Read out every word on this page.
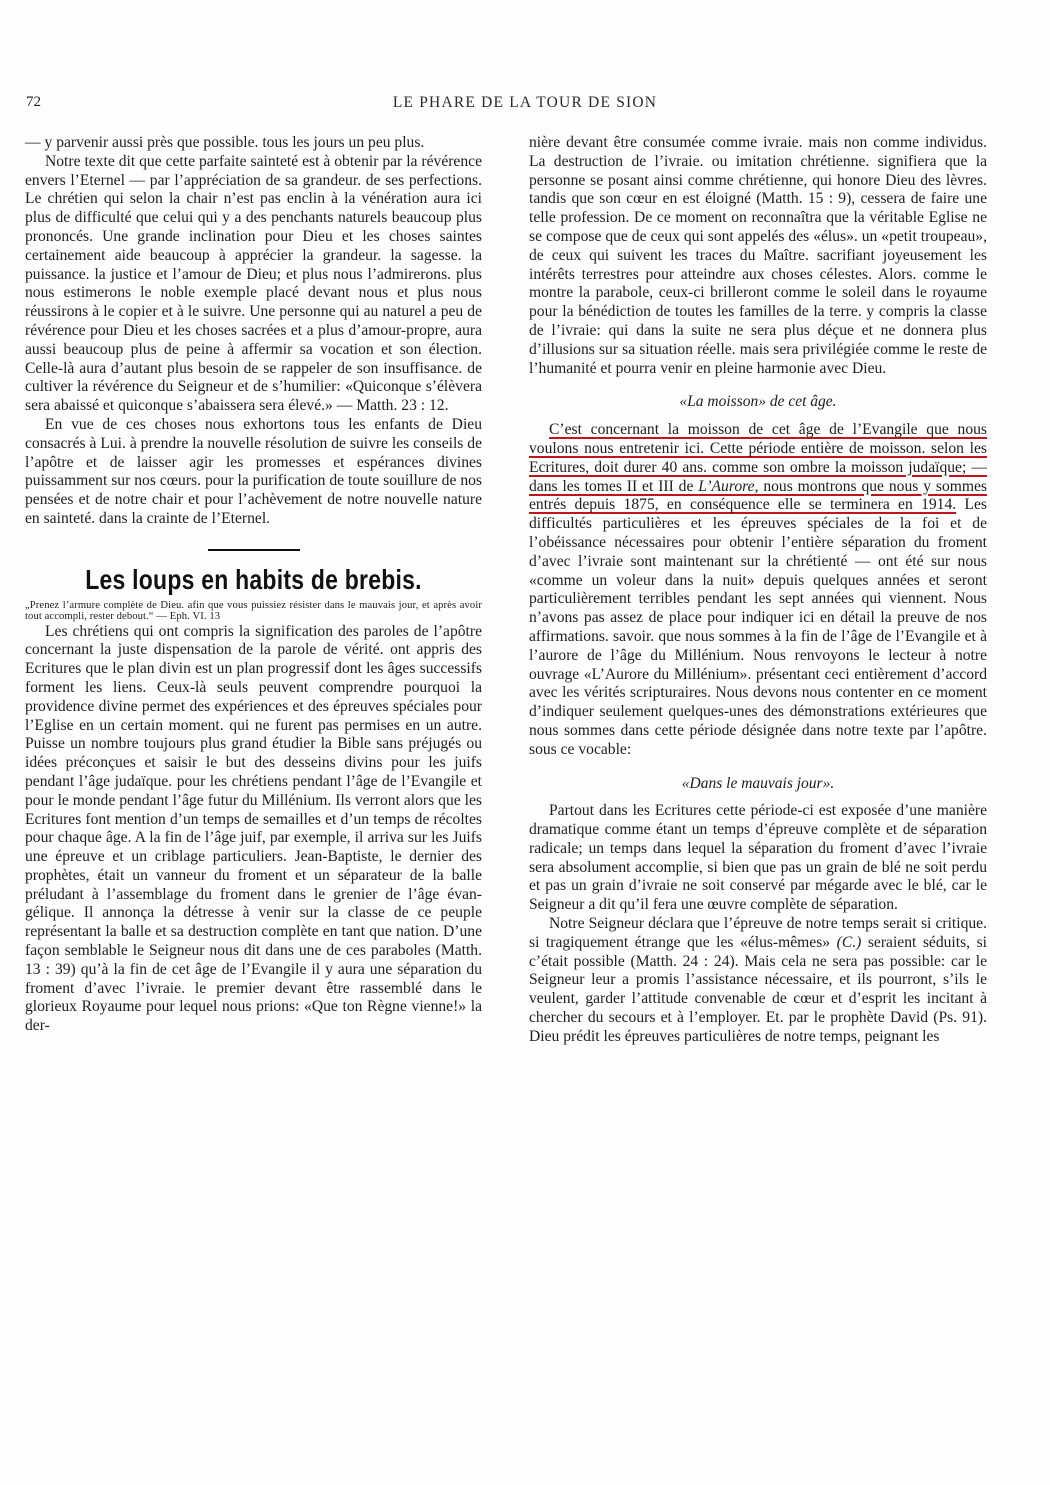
72	LE PHARE DE LA TOUR DE SION

— y parvenir aussi près que possible. tous les jours un peu plus.

Notre texte dit que cette parfaite sainteté est à obtenir par la révérence envers l’Eternel — par l’appréciation de sa grandeur. de ses perfections. Le chrétien qui selon la chair n’est pas enclin à la vénération aura ici plus de difficulté que celui qui y a des penchants naturels beaucoup plus prononcés. Une grande inclination pour Dieu et les choses saintes certainement aide beaucoup à apprécier la grandeur. la sagesse. la puissance. la justice et l’amour de Dieu; et plus nous l’admirerons. plus nous estimerons le noble exemple placé devant nous et plus nous réussirons à le copier et à le suivre. Une personne qui au naturel a peu de révérence pour Dieu et les choses sacrées et a plus d’amour-propre, aura aussi beaucoup plus de peine à affermir sa vocation et son élection. Celle-là aura d’autant plus besoin de se rappeler de son insuffisance. de cultiver la révérence du Seigneur et de s’humilier: «Quiconque s’élèvera sera abaissé et quiconque s’abaissera sera élevé.» — Matth. 23 : 12.

En vue de ces choses nous exhortons tous les enfants de Dieu consacrés à Lui. à prendre la nouvelle résolution de suivre les conseils de l’apôtre et de laisser agir les promesses et espérances divines puissamment sur nos cœurs. pour la purification de toute souillure de nos pensées et de notre chair et pour l’achèvement de notre nouvelle nature en sainteté. dans la crainte de l’Eternel.

Les loups en habits de brebis.

„Prenez l’armure complète de Dieu. afin que vous puissiez résister dans le mauvais jour, et après avoir tout accompli, rester debout.“ — Eph. VI. 13

Les chrétiens qui ont compris la signification des paroles de l’apôtre concernant la juste dispensation de la parole de vérité. ont appris des Ecritures que le plan divin est un plan progressif dont les âges successifs forment les liens. Ceux-là seuls peuvent comprendre pourquoi la providence divine permet des expériences et des épreuves spéciales pour l’Eglise en un certain moment. qui ne furent pas permises en un autre. Puisse un nombre toujours plus grand étudier la Bible sans préjugés ou idées préconçues et saisir le but des desseins divins pour les juifs pendant l’âge judaïque. pour les chrétiens pendant l’âge de l’Evangile et pour le monde pendant l’âge futur du Millénium. Ils verront alors que les Ecritures font mention d’un temps de semailles et d’un temps de récoltes pour chaque âge. A la fin de l’âge juif, par exemple, il arriva sur les Juifs une épreuve et un criblage particuliers. Jean-Baptiste, le dernier des prophètes, était un vanneur du froment et un séparateur de la balle préludant à l’assemblage du froment dans le grenier de l’âge évangélique. Il annonça la détresse à venir sur la classe de ce peuple représentant la balle et sa destruction complète en tant que nation. D’une façon semblable le Seigneur nous dit dans une de ces paraboles (Matth. 13 : 39) qu’à la fin de cet âge de l’Evangile il y aura une séparation du froment d’avec l’ivraie. le premier devant être rassemblé dans le glorieux Royaume pour lequel nous prions: «Que ton Règne vienne!» la der-

nière devant être consumée comme ivraie. mais non comme individus. La destruction de l’ivraie. ou imitation chrétienne. signifiera que la personne se posant ainsi comme chrétienne, qui honore Dieu des lèvres. tandis que son cœur en est éloigné (Matth. 15 : 9), cessera de faire une telle profession. De ce moment on reconnaîtra que la véritable Eglise ne se compose que de ceux qui sont appelés des «élus». un «petit troupeau», de ceux qui suivent les traces du Maître. sacrifiant joyeusement les intérêts terrestres pour atteindre aux choses célestes. Alors. comme le montre la parabole, ceux-ci brilleront comme le soleil dans le royaume pour la bénédiction de toutes les familles de la terre. y compris la classe de l’ivraie: qui dans la suite ne sera plus déçue et ne donnera plus d’illusions sur sa situation réelle. mais sera privilégiée comme le reste de l’humanité et pourra venir en pleine harmonie avec Dieu.

«La moisson» de cet âge.

C’est concernant la moisson de cet âge de l’Evangile que nous voulons nous entretenir ici. Cette période entière de moisson. selon les Ecritures, doit durer 40 ans. comme son ombre la moisson judaïque; — dans les tomes II et III de L’Aurore, nous montrons que nous y sommes entrés depuis 1875, en conséquence elle se terminera en 1914. Les difficultés particulières et les épreuves spéciales de la foi et de l’obéissance nécessaires pour obtenir l’entière séparation du froment d’avec l’ivraie sont maintenant sur la chrétienté — ont été sur nous «comme un voleur dans la nuit» depuis quelques années et seront particulièrement terribles pendant les sept années qui viennent. Nous n’avons pas assez de place pour indiquer ici en détail la preuve de nos affirmations. savoir. que nous sommes à la fin de l’âge de l’Evangile et à l’aurore de l’âge du Millénium. Nous renvoyons le lecteur à notre ouvrage «L’Aurore du Millénium». présentant ceci entièrement d’accord avec les vérités scripturaires. Nous devons nous contenter en ce moment d’indiquer seulement quelques-unes des démonstrations extérieures que nous sommes dans cette période désignée dans notre texte par l’apôtre. sous ce vocable:

«Dans le mauvais jour».

Partout dans les Ecritures cette période-ci est exposée d’une manière dramatique comme étant un temps d’épreuve complète et de séparation radicale; un temps dans lequel la séparation du froment d’avec l’ivraie sera absolument accomplie, si bien que pas un grain de blé ne soit perdu et pas un grain d’ivraie ne soit conservé par mégarde avec le blé, car le Seigneur a dit qu’il fera une œuvre complète de séparation.

Notre Seigneur déclara que l’épreuve de notre temps serait si critique. si tragiquement étrange que les «élus-mêmes» (C.) seraient séduits, si c’était possible (Matth. 24 : 24). Mais cela ne sera pas possible: car le Seigneur leur a promis l’assistance nécessaire, et ils pourront, s’ils le veulent, garder l’attitude convenable de cœur et d’esprit les incitant à chercher du secours et à l’employer. Et. par le prophète David (Ps. 91). Dieu prédit les épreuves particulières de notre temps, peignant les
